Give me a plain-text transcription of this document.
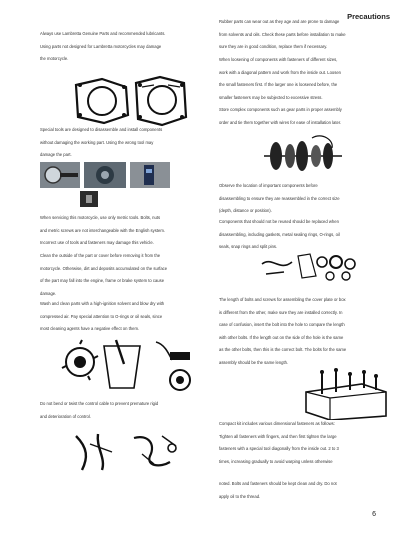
Precautions
Always use Lambretta Genuine Parts and recommended lubricants.
Using parts not designed for Lambretta motorcycles may damage
the motorcycle.
Special tools are designed to disassemble and install components
without damaging the working part. Using the wrong tool may
damage the part.
When servicing this motorcycle, use only metric tools. Bolts, nuts
and metric screws are not interchangeable with the English system.
Incorrect use of tools and fasteners may damage this vehicle.
Clean the outside of the part or cover before removing it from the
motorcycle. Otherwise, dirt and deposits accumulated on the surface
of the part may fall into the engine, frame or brake system to cause
damage.
Wash and clean parts with a high-ignition solvent and blow dry with
compressed air. Pay special attention to O-rings or oil seals, since
most cleaning agents have a negative effect on them.
Do not bend or twist the control cable to prevent premature rigid
and deterioration of control.
Rubber parts can wear out as they age and are prone to damage
from solvents and oils. Check these parts before installation to make
sure they are in good condition, replace them if necessary.
When loosening of components with fasteners of different sizes,
work with a diagonal pattern and work from the inside out. Loosen
the small fasteners first. If the larger one is loosened before, the
smaller fasteners may be subjected to excessive stress.
Store complex components such as gear parts in proper assembly
order and tie them together with wires for ease of installation later.
Observe the location of important components before
disassembling to ensure they are reassembled in the correct size
(depth, distance or position).
Components that should not be reused should be replaced when
disassembling, including gaskets, metal sealing rings, O-rings, oil
seals, snap rings and split pins.
The length of bolts and screws for assembling the cover plate or box
is different from the other, make sure they are installed correctly. In
case of confusion, insert the bolt into the hole to compare the length
with other bolts. If the length out on the side of the hole is the same
as the other bolts, then this is the correct bolt. The bolts for the same
assembly should be the same length.
Compact kit includes various dimensional fasteners as follows:
Tighten all fasteners with fingers, and then first tighten the large
fasteners with a special tool diagonally from the inside out. 2 to 3
times, increasing gradually to avoid warping unless otherwise
noted. Bolts and fasteners should be kept clean and dry. Do not
apply oil to the thread.
6
